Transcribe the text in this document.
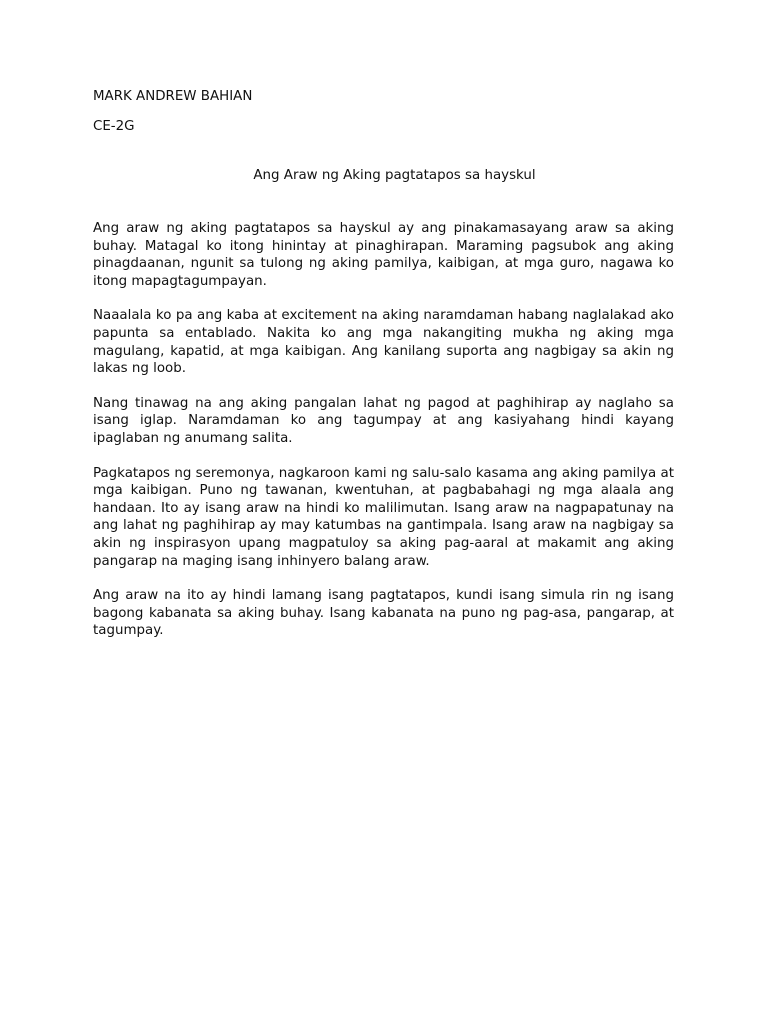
MARK ANDREW BAHIAN

CE-2G

Ang Araw ng Aking pagtatapos sa hayskul

Ang araw ng aking pagtatapos sa hayskul ay ang pinakamasayang araw sa aking buhay. Matagal ko itong hinintay at pinaghirapan. Maraming pagsubok ang aking pinagdaanan, ngunit sa tulong ng aking pamilya, kaibigan, at mga guro, nagawa ko itong mapagtagumpayan.

Naaalala ko pa ang kaba at excitement na aking naramdaman habang naglalakad ako papunta sa entablado. Nakita ko ang mga nakangiting mukha ng aking mga magulang, kapatid, at mga kaibigan. Ang kanilang suporta ang nagbigay sa akin ng lakas ng loob.

Nang tinawag na ang aking pangalan lahat ng pagod at paghihirap ay naglaho sa isang iglap. Naramdaman ko ang tagumpay at ang kasiyahang hindi kayang ipaglaban ng anumang salita.

Pagkatapos ng seremonya, nagkaroon kami ng salu-salo kasama ang aking pamilya at mga kaibigan. Puno ng tawanan, kwentuhan, at pagbabahagi ng mga alaala ang handaan. Ito ay isang araw na hindi ko malilimutan. Isang araw na nagpapatunay na ang lahat ng paghihirap ay may katumbas na gantimpala. Isang araw na nagbigay sa akin ng inspirasyon upang magpatuloy sa aking pag-aaral at makamit ang aking pangarap na maging isang inhinyero balang araw.

Ang araw na ito ay hindi lamang isang pagtatapos, kundi isang simula rin ng isang bagong kabanata sa aking buhay. Isang kabanata na puno ng pag-asa, pangarap, at tagumpay.
